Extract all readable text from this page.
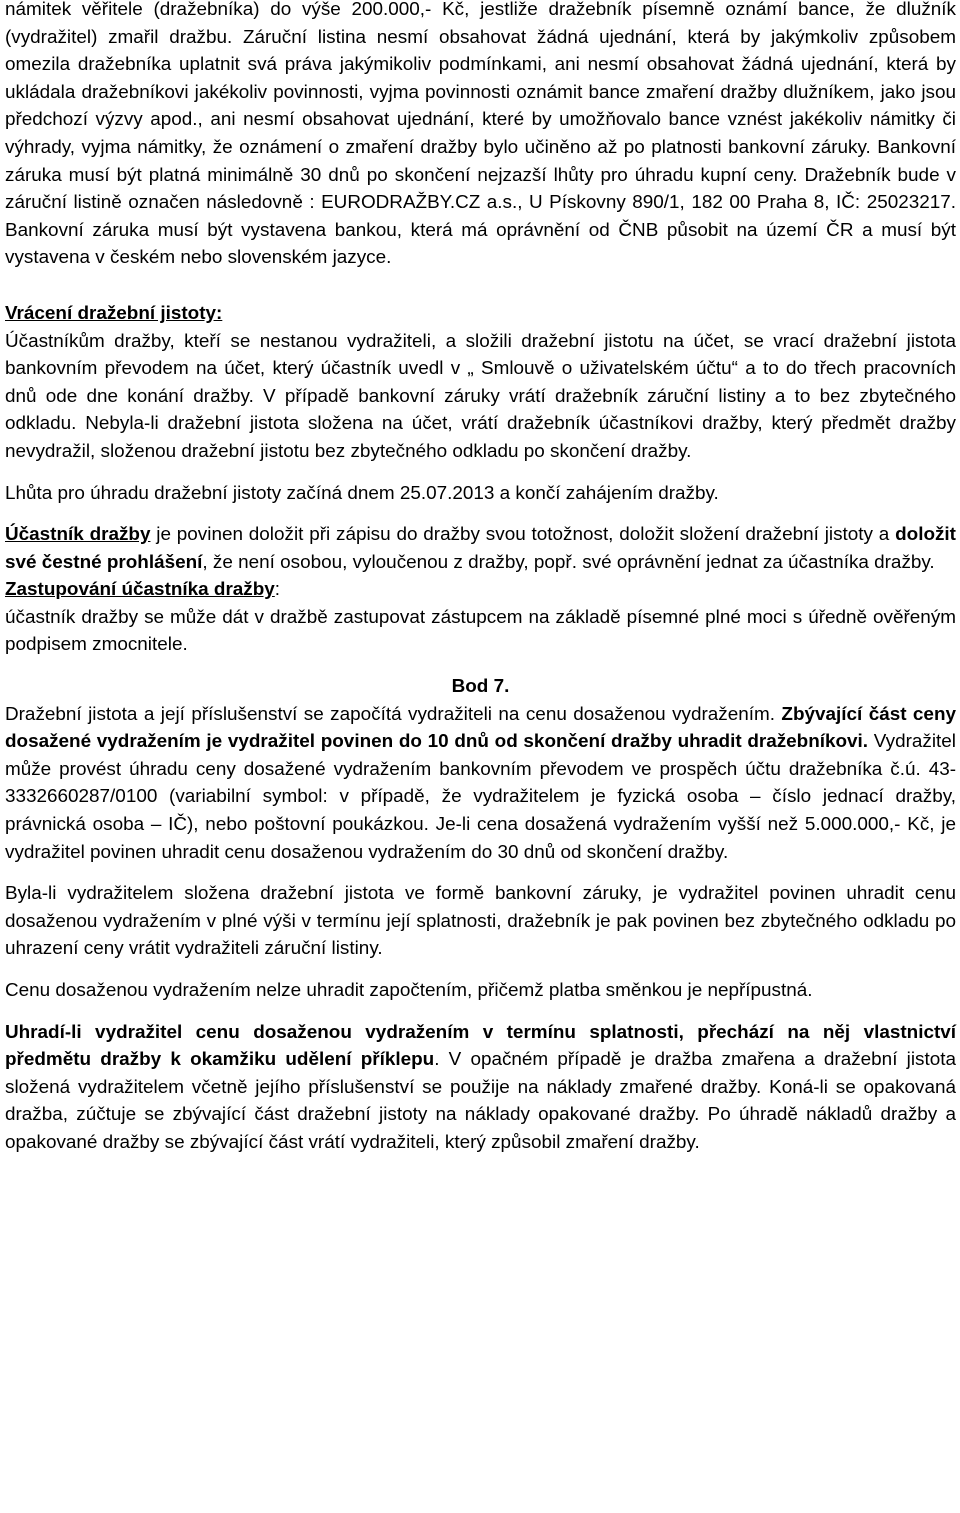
námitek věřitele (dražebníka) do výše 200.000,- Kč, jestliže dražebník písemně oznámí bance, že dlužník (vydražitel) zmařil dražbu. Záruční listina nesmí obsahovat žádná ujednání, která by jakýmkoliv způsobem omezila dražebníka uplatnit svá práva jakýmikoliv podmínkami, ani nesmí obsahovat žádná ujednání, která by ukládala dražebníkovi jakékoliv povinnosti, vyjma povinnosti oznámit bance zmaření dražby dlužníkem, jako jsou předchozí výzvy apod., ani nesmí obsahovat ujednání, které by umožňovalo bance vznést jakékoliv námitky či výhrady, vyjma námitky, že oznámení o zmaření dražby bylo učiněno až po platnosti bankovní záruky. Bankovní záruka musí být platná minimálně 30 dnů po skončení nejzazší lhůty pro úhradu kupní ceny. Dražebník bude v záruční listině označen následovně : EURODRAŽBY.CZ a.s., U Pískovny 890/1, 182 00 Praha 8, IČ: 25023217. Bankovní záruka musí být vystavena bankou, která má oprávnění od ČNB působit na území ČR a musí být vystavena v českém nebo slovenském jazyce.

Vrácení dražební jistoty:

Účastníkům dražby, kteří se nestanou vydražiteli, a složili dražební jistotu na účet, se vrací dražební jistota bankovním převodem na účet, který účastník uvedl v „ Smlouvě o uživatelském účtu“ a to do třech pracovních dnů ode dne konání dražby. V případě bankovní záruky vrátí dražebník záruční listiny a to bez zbytečného odkladu. Nebyla-li dražební jistota složena na účet, vrátí dražebník účastníkovi dražby, který předmět dražby nevydražil, složenou dražební jistotu bez zbytečného odkladu po skončení dražby.

Lhůta pro úhradu dražební jistoty začíná dnem 25.07.2013 a končí zahájením dražby.

Účastník dražby je povinen doložit při zápisu do dražby svou totožnost, doložit složení dražební jistoty a doložit své čestné prohlášení, že není osobou, vyloučenou z dražby, popř. své oprávnění jednat za účastníka dražby.

Zastupování účastníka dražby:

účastník dražby se může dát v dražbě zastupovat zástupcem na základě písemné plné moci s úředně ověřeným podpisem zmocnitele.

Bod 7.

Dražební jistota a její příslušenství se započítá vydražiteli na cenu dosaženou vydražením. Zbývající část ceny dosažené vydražením je vydražitel povinen do 10 dnů od skončení dražby uhradit dražebníkovi. Vydražitel může provést úhradu ceny dosažené vydražením bankovním převodem ve prospěch účtu dražebníka č.ú. 43-3332660287/0100 (variabilní symbol: v případě, že vydražitelem je fyzická osoba – číslo jednací dražby, právnická osoba – IČ), nebo poštovní poukázkou. Je-li cena dosažená vydražením vyšší než 5.000.000,- Kč, je vydražitel povinen uhradit cenu dosaženou vydražením do 30 dnů od skončení dražby.

Byla-li vydražitelem složena dražební jistota ve formě bankovní záruky, je vydražitel povinen uhradit cenu dosaženou vydražením v plné výši v termínu její splatnosti, dražebník je pak povinen bez zbytečného odkladu po uhrazení ceny vrátit vydražiteli záruční listiny.

Cenu dosaženou vydražením nelze uhradit započtením, přičemž platba směnkou je nepřípustná.

Uhradí-li vydražitel cenu dosaženou vydražením v termínu splatnosti, přechází na něj vlastnictví předmětu dražby k okamžiku udělení příklepu. V opačném případě je dražba zmařena a dražební jistota složená vydražitelem včetně jejího příslušenství se použije na náklady zmařené dražby. Koná-li se opakovaná dražba, zúčtuje se zbývající část dražební jistoty na náklady opakované dražby. Po úhradě nákladů dražby a opakované dražby se zbývající část vrátí vydražiteli, který způsobil zmaření dražby.
